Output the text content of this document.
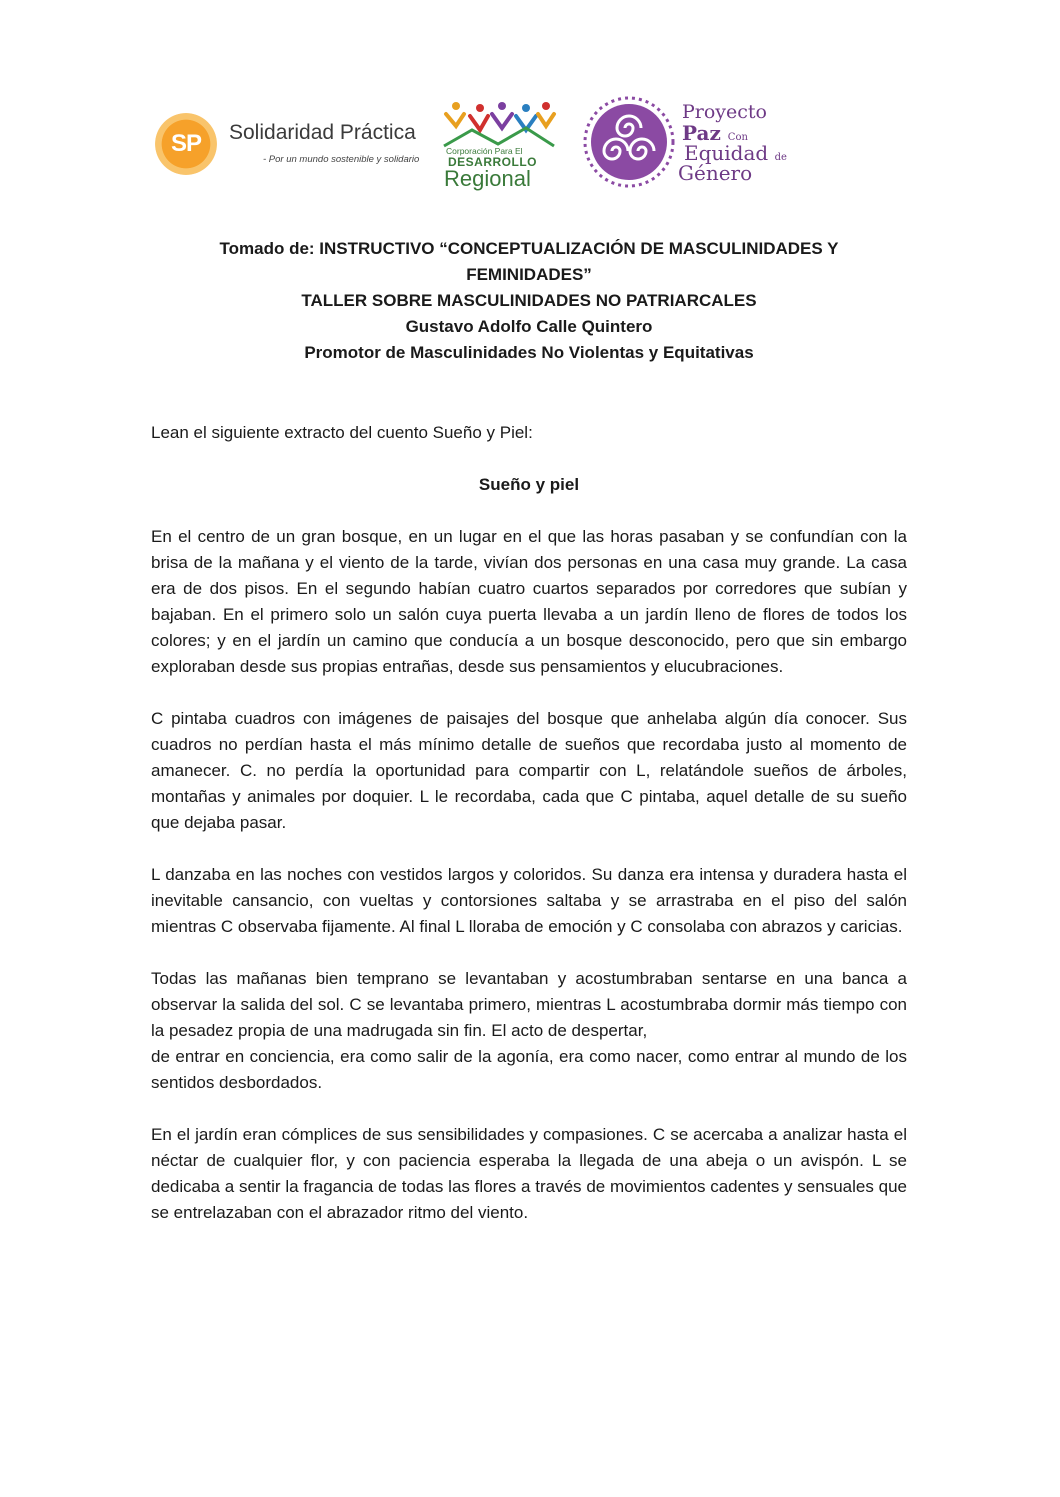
SP	Solidaridad Práctica
- Por un mundo sostenible y solidario
Corporación Para El
DESARROLLO
Regional
Proyecto
Paz Con
Equidad de
Género
Tomado de: INSTRUCTIVO “CONCEPTUALIZACIÓN DE MASCULINIDADES Y
FEMINIDADES”
TALLER SOBRE MASCULINIDADES NO PATRIARCALES
Gustavo Adolfo Calle Quintero
Promotor de Masculinidades No Violentas y Equitativas

Lean el siguiente extracto del cuento Sueño y Piel:

Sueño y piel

En el centro de un gran bosque, en un lugar en el que las horas pasaban y se confundían con la brisa de la mañana y el viento de la tarde, vivían dos personas en una casa muy grande. La casa era de dos pisos. En el segundo habían cuatro cuartos separados por corredores que subían y bajaban. En el primero solo un salón cuya puerta llevaba a un jardín lleno de flores de todos los colores; y en el jardín un camino que conducía a un bosque desconocido, pero que sin embargo exploraban desde sus propias entrañas, desde sus pensamientos y elucubraciones.

C pintaba cuadros con imágenes de paisajes del bosque que anhelaba algún día conocer. Sus cuadros no perdían hasta el más mínimo detalle de sueños que recordaba justo al momento de amanecer. C. no perdía la oportunidad para compartir con L, relatándole sueños de árboles, montañas y animales por doquier. L le recordaba, cada que C pintaba, aquel detalle de su sueño que dejaba pasar.

L danzaba en las noches con vestidos largos y coloridos. Su danza era intensa y duradera hasta el inevitable cansancio, con vueltas y contorsiones saltaba y se arrastraba en el piso del salón mientras C observaba fijamente. Al final L lloraba de emoción y C consolaba con abrazos y caricias.

Todas las mañanas bien temprano se levantaban y acostumbraban sentarse en una banca a observar la salida del sol. C se levantaba primero, mientras L acostumbraba dormir más tiempo con la pesadez propia de una madrugada sin fin. El acto de despertar,

de entrar en conciencia, era como salir de la agonía, era como nacer, como entrar al mundo de los sentidos desbordados.

En el jardín eran cómplices de sus sensibilidades y compasiones. C se acercaba a analizar hasta el néctar de cualquier flor, y con paciencia esperaba la llegada de una abeja o un avispón. L se dedicaba a sentir la fragancia de todas las flores a través de movimientos cadentes y sensuales que se entrelazaban con el abrazador ritmo del viento.
